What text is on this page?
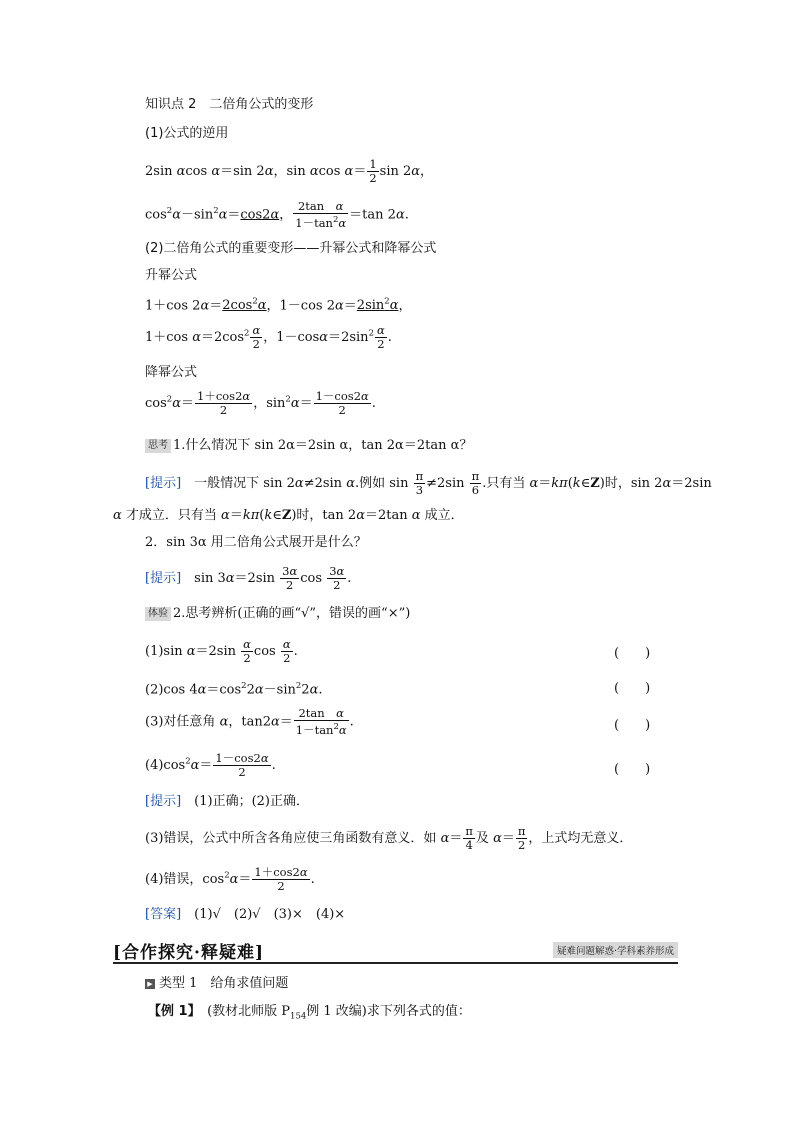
知识点 2　二倍角公式的变形
(1)公式的逆用
2sin αcos α＝sin 2α，sin αcos $\alpha= \frac{1}{2}$ sin 2α，
$\cos^2\alpha-\sin^2\alpha=\cos 2\alpha$， $\frac{\text{2tan　α}}{1-\tan^2\alpha} =\tan$ 2α.
(2)二倍角公式的重要变形——升幂公式和降幂公式
升幂公式
1＋cos $2\alpha=2\cos^2\alpha$，1－cos $2\alpha=2\sin^2\alpha$，
1＋cos $\alpha=2\cos^2 \frac{\alpha}{2}$ ，$1-\cos\alpha=2\sin^2 \frac{\alpha}{2}$ .
降幂公式
$\cos^2\alpha= \frac{1+\cos 2\alpha}{2}$ ，$\sin^2\alpha= \frac{1-\cos 2\alpha}{2}$ .
思考 1.什么情况下 sin 2α＝2sin α，tan 2α＝2tan α？
[提示]　一般情况下 sin 2α≠2sin α.例如 $\sin \frac{\pi}{3} \ne 2\sin \frac{\pi}{6}$ .只有当 α＝kπ(k∈Z)时，sin 2α＝2sin
α 才成立．只有当 α＝kπ(k∈Z)时，tan 2α＝2tan α 成立．
2．sin 3α 用二倍角公式展开是什么？
[提示]　$\sin 3\alpha=2\sin \frac{3\alpha}{2}$ $\cos \frac{3\alpha}{2}$ .
体验 2.思考辨析(正确的画“√”，错误的画“×”)
(1)sin $\alpha=2\sin \frac{\alpha}{2}$ $\cos \frac{\alpha}{2}$ .	(　　)
(2)cos $4\alpha=\cos^22\alpha-\sin^22\alpha$.	(　　)
(3)对任意角 α，$\tan 2\alpha= \frac{\text{2tan　α}}{1-\tan^2\alpha}$ .	(　　)
$(4)\cos^2\alpha= \frac{1-\cos 2\alpha}{2}$ .	(　　)
[提示]　 (1)正确；(2)正确．
(3)错误，公式中所含各角应使三角函数有意义．如 $\alpha= \frac{\pi}{4}$ 及 $\alpha= \frac{\pi}{2}$ ，上式均无意义．
(4)错误，$\cos^2\alpha= \frac{1+\cos 2\alpha}{2}$ .
[答案]　 (1)√　(2)√　(3)×　(4)×
[合作探究·释疑难]	疑难问题解惑·学科素养形成
▶ 类型 1　给角求值问题
【例 1】　(教材北师版 $P_{154}$例 1 改编)求下列各式的值：
